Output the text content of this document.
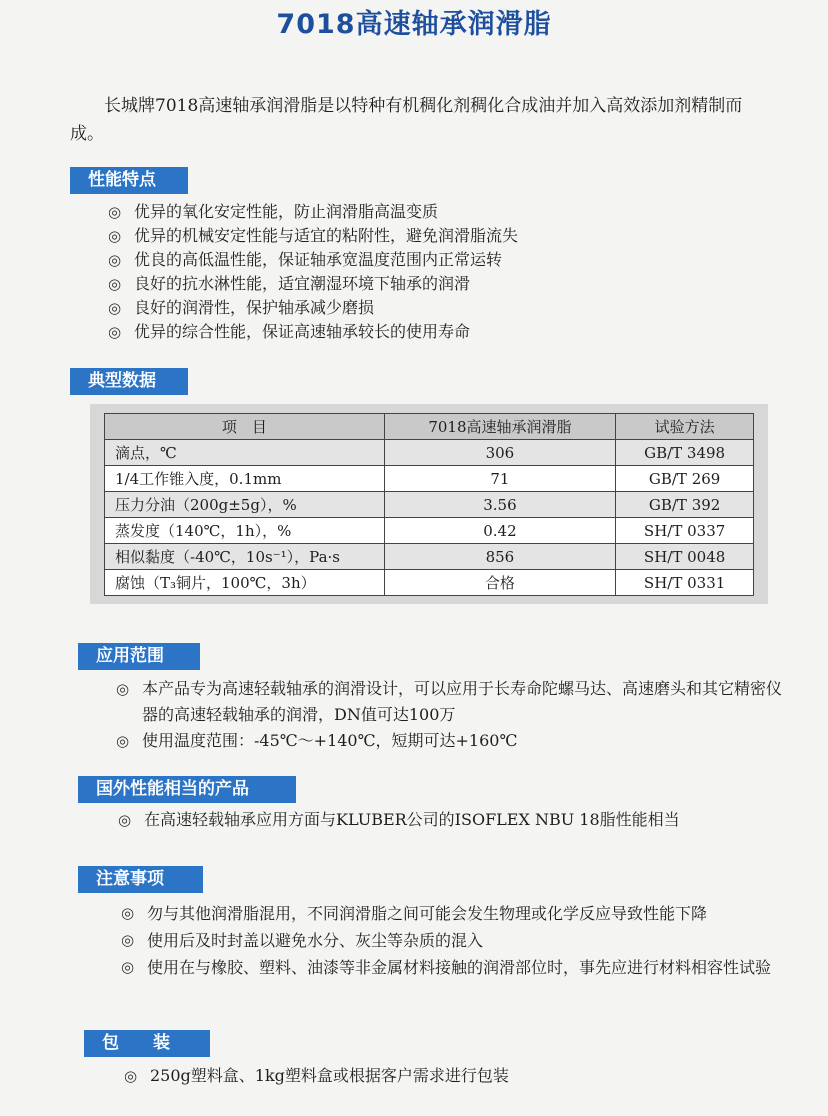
7018高速轴承润滑脂
长城牌7018高速轴承润滑脂是以特种有机稠化剂稠化合成油并加入高效添加剂精制而成。
性能特点
◎ 优异的氧化安定性能，防止润滑脂高温变质
◎ 优异的机械安定性能与适宜的粘附性，避免润滑脂流失
◎ 优良的高低温性能，保证轴承宽温度范围内正常运转
◎ 良好的抗水淋性能，适宜潮湿环境下轴承的润滑
◎ 良好的润滑性，保护轴承减少磨损
◎ 优异的综合性能，保证高速轴承较长的使用寿命
典型数据
项　目	7018高速轴承润滑脂	试验方法
滴点，℃	306	GB/T 3498
1/4工作锥入度，0.1mm	71	GB/T 269
压力分油（200g±5g），%	3.56	GB/T 392
蒸发度（140℃，1h），%	0.42	SH/T 0337
相似黏度（-40℃，10s⁻¹），Pa·s	856	SH/T 0048
腐蚀（T₃铜片，100℃，3h）	合格	SH/T 0331
应用范围
◎ 本产品专为高速轻载轴承的润滑设计，可以应用于长寿命陀螺马达、高速磨头和其它精密仪器的高速轻载轴承的润滑，DN值可达100万
◎ 使用温度范围：-45℃～+140℃，短期可达+160℃
国外性能相当的产品
◎ 在高速轻载轴承应用方面与KLUBER公司的ISOFLEX NBU 18脂性能相当
注意事项
◎ 勿与其他润滑脂混用，不同润滑脂之间可能会发生物理或化学反应导致性能下降
◎ 使用后及时封盖以避免水分、灰尘等杂质的混入
◎ 使用在与橡胶、塑料、油漆等非金属材料接触的润滑部位时，事先应进行材料相容性试验
包　　装
◎ 250g塑料盒、1kg塑料盒或根据客户需求进行包装
